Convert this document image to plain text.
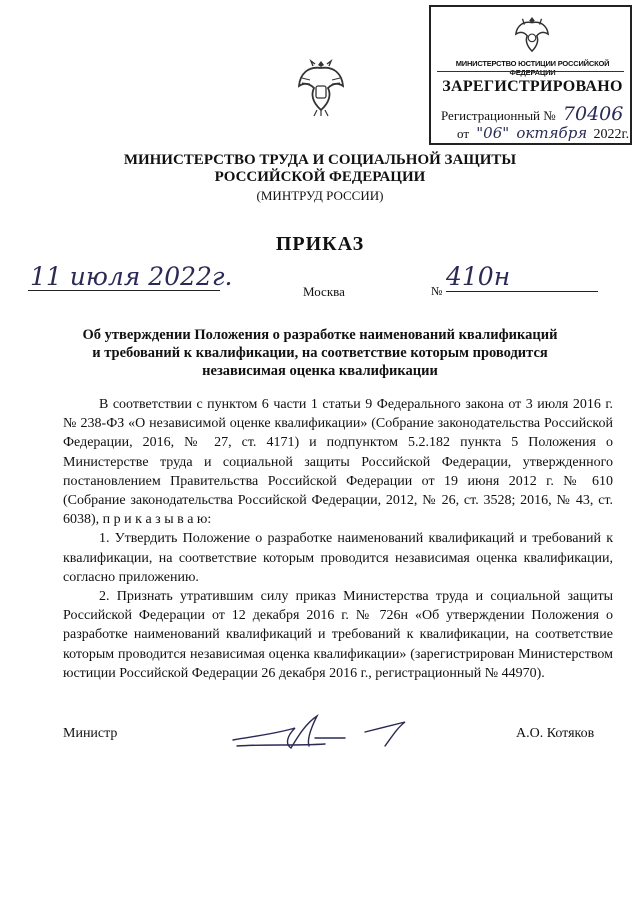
МИНИСТЕРСТВО ЮСТИЦИИ РОССИЙСКОЙ ФЕДЕРАЦИИ
ЗАРЕГИСТРИРОВАНО
Регистрационный № 70406
от "06" октября 2022г.
МИНИСТЕРСТВО ТРУДА И СОЦИАЛЬНОЙ ЗАЩИТЫ
РОССИЙСКОЙ ФЕДЕРАЦИИ
(МИНТРУД РОССИИ)
ПРИКАЗ
11 июля 2022г.
Москва	№ 410н
Об утверждении Положения о разработке наименований квалификаций
и требований к квалификации, на соответствие которым проводится
независимая оценка квалификации

В соответствии с пунктом 6 части 1 статьи 9 Федерального закона от 3 июля 2016 г. № 238-ФЗ «О независимой оценке квалификации» (Собрание законодательства Российской Федерации, 2016, № 27, ст. 4171) и подпунктом 5.2.182 пункта 5 Положения о Министерстве труда и социальной защиты Российской Федерации, утвержденного постановлением Правительства Российской Федерации от 19 июня 2012 г. № 610 (Собрание законодательства Российской Федерации, 2012, № 26, ст. 3528; 2016, № 43, ст. 6038), п р и к а з ы в а ю:

1. Утвердить Положение о разработке наименований квалификаций и требований к квалификации, на соответствие которым проводится независимая оценка квалификации, согласно приложению.

2. Признать утратившим силу приказ Министерства труда и социальной защиты Российской Федерации от 12 декабря 2016 г. № 726н «Об утверждении Положения о разработке наименований квалификаций и требований к квалификации, на соответствие которым проводится независимая оценка квалификации» (зарегистрирован Министерством юстиции Российской Федерации 26 декабря 2016 г., регистрационный № 44970).

Министр	А.О. Котяков
